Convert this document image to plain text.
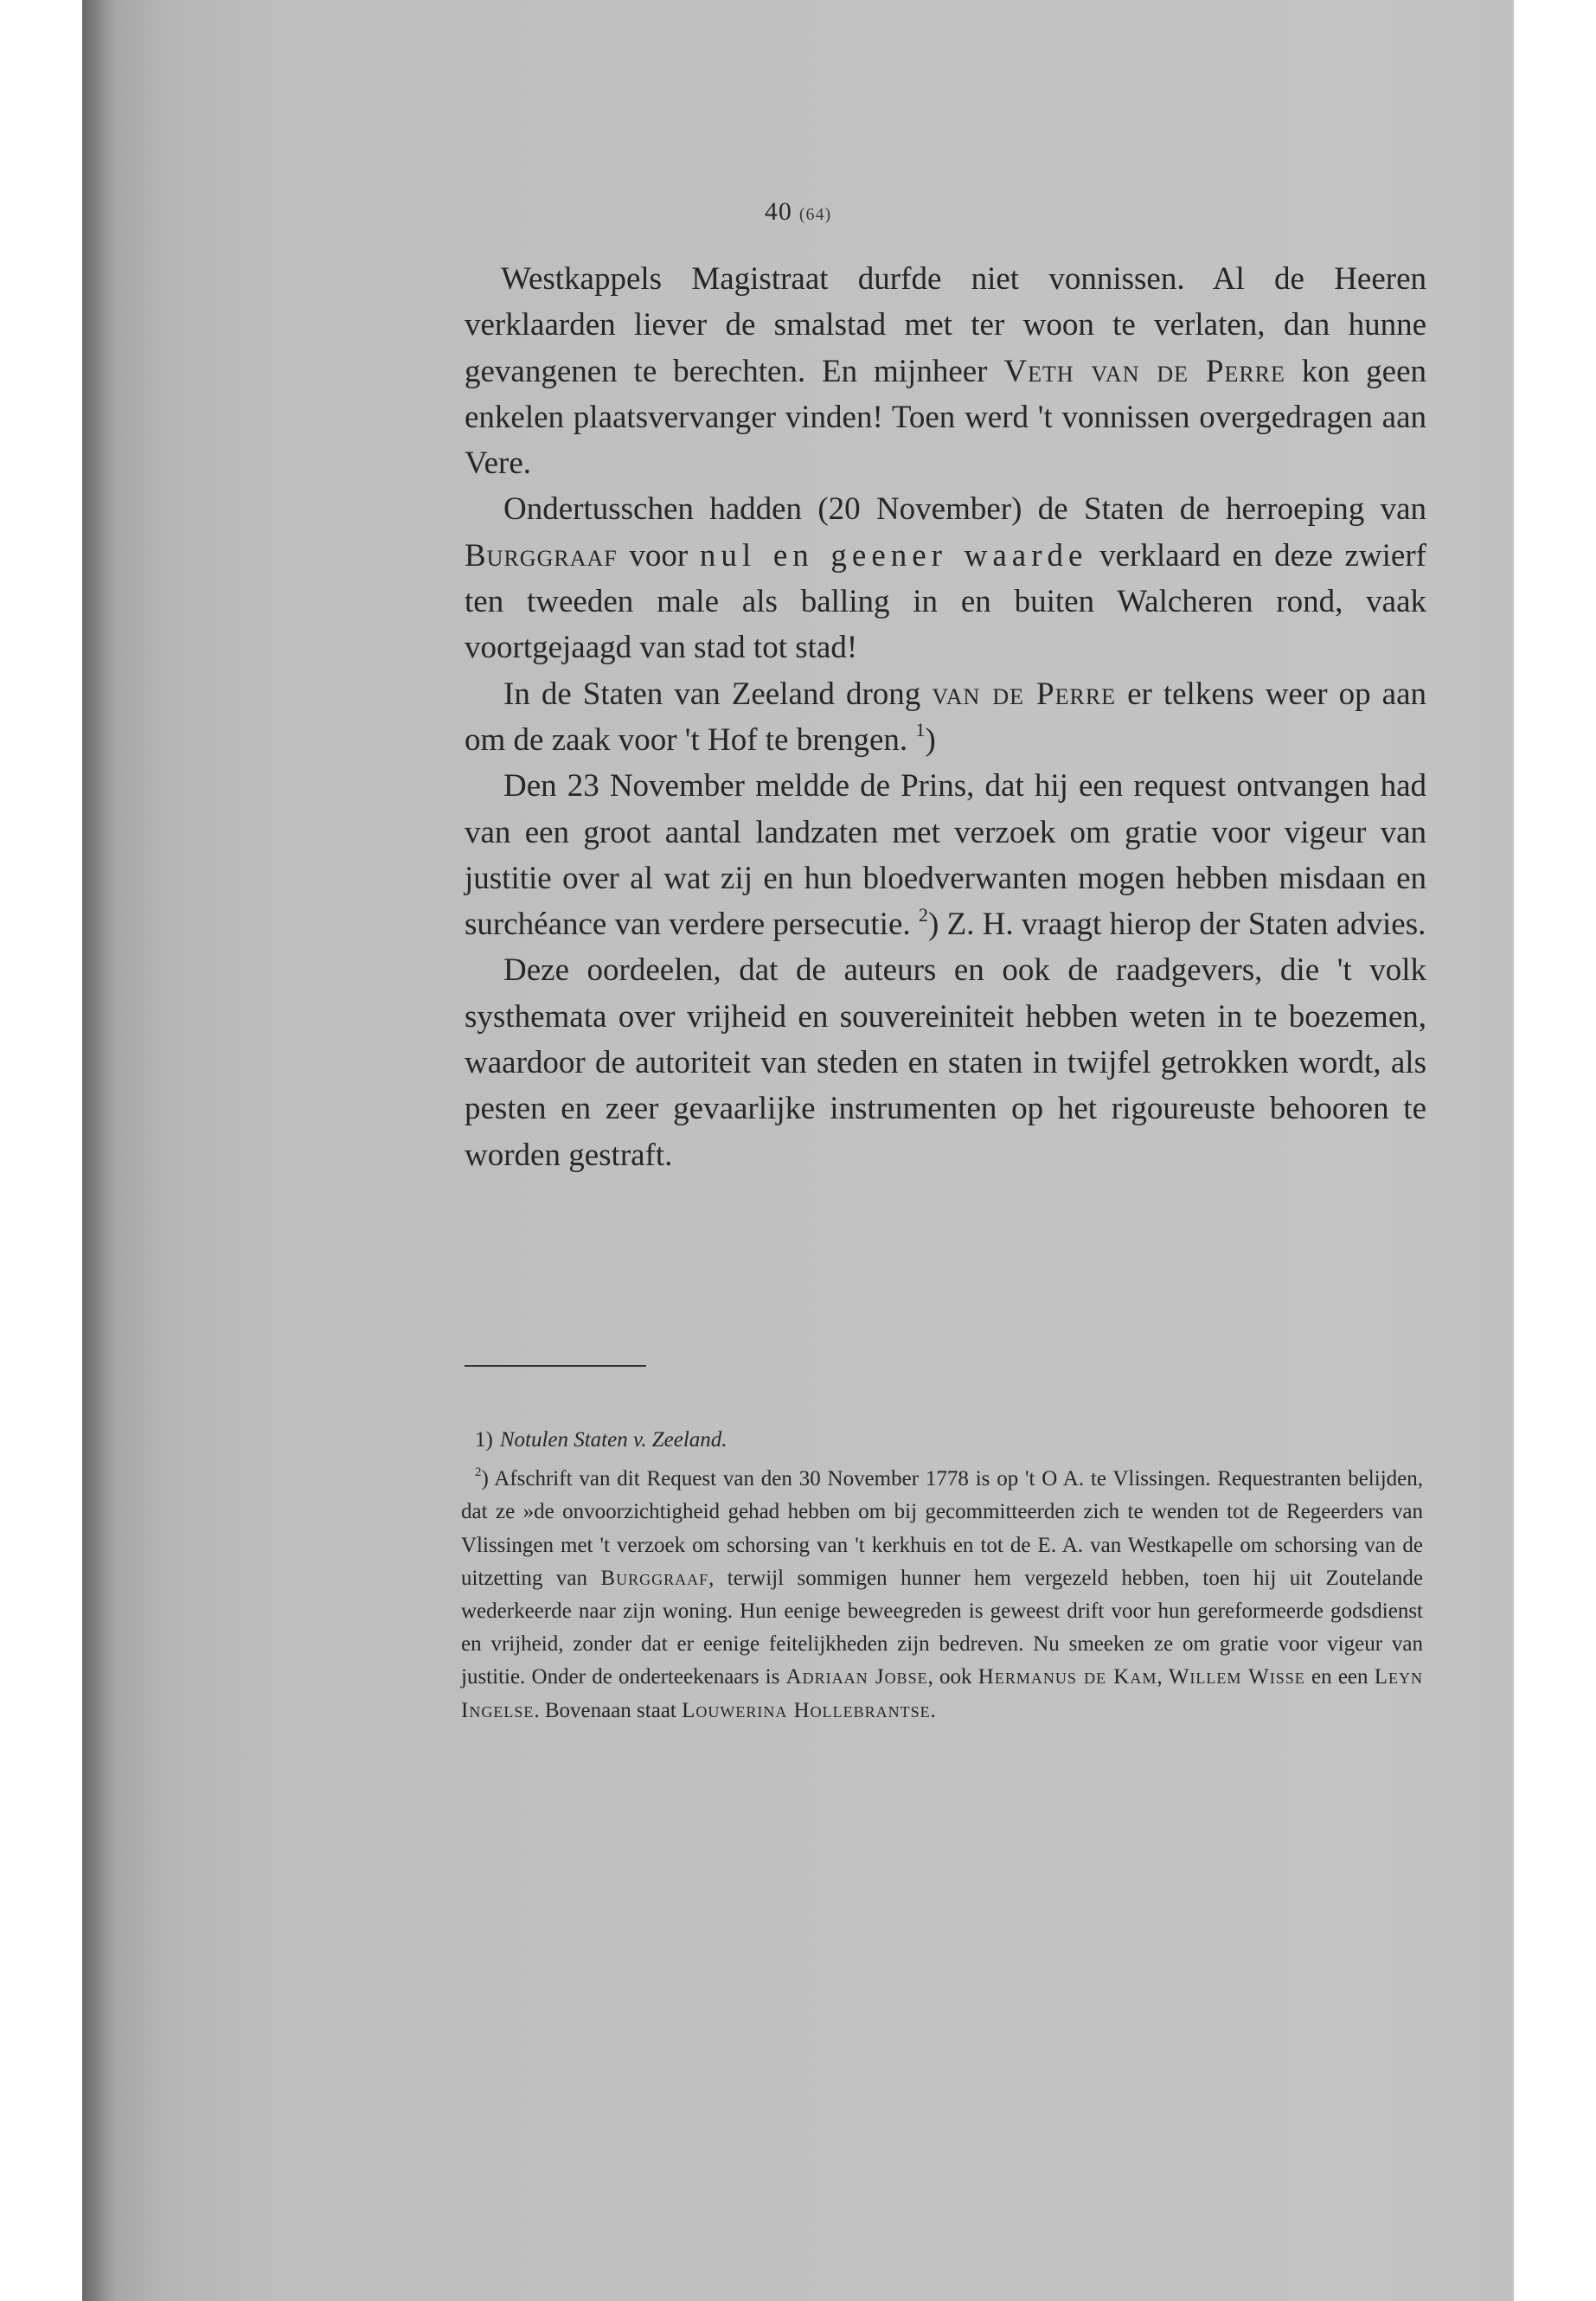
40 (64)

Westkappels Magistraat durfde niet vonnissen. Al de Heeren verklaarden liever de smalstad met ter woon te verlaten, dan hunne gevangenen te berechten. En mijnheer Veth van de Perre kon geen enkelen plaatsvervanger vinden! Toen werd 't vonnissen overgedragen aan Vere.

Ondertusschen hadden (20 November) de Staten de herroeping van Burggraaf voor nul en geener waarde verklaard en deze zwierf ten tweeden male als balling in en buiten Walcheren rond, vaak voortgejaagd van stad tot stad!

In de Staten van Zeeland drong van de Perre er telkens weer op aan om de zaak voor 't Hof te brengen. $^1$)

Den 23 November meldde de Prins, dat hij een request ontvangen had van een groot aantal landzaten met verzoek om gratie voor vigeur van justitie over al wat zij en hun bloedverwanten mogen hebben misdaan en surchéance van verdere persecutie. $^2$) Z. H. vraagt hierop der Staten advies.

Deze oordeelen, dat de auteurs en ook de raadgevers, die 't volk systhemata over vrijheid en souvereiniteit hebben weten in te boezemen, waardoor de autoriteit van steden en staten in twijfel getrokken wordt, als pesten en zeer gevaarlijke instrumenten op het rigoureuste behooren te worden gestraft.

1) Notulen Staten v. Zeeland.

$^2$) Afschrift van dit Request van den 30 November 1778 is op 't O A. te Vlissingen. Requestranten belijden, dat ze »de onvoorzichtigheid gehad hebben om bij gecommitteerden zich te wenden tot de Regeerders van Vlissingen met 't verzoek om schorsing van 't kerkhuis en tot de E. A. van Westkapelle om schorsing van de uitzetting van Burggraaf, terwijl sommigen hunner hem vergezeld hebben, toen hij uit Zoutelande wederkeerde naar zijn woning. Hun eenige beweegreden is geweest drift voor hun gereformeerde godsdienst en vrijheid, zonder dat er eenige feitelijkheden zijn bedreven. Nu smeeken ze om gratie voor vigeur van justitie. Onder de onderteekenaars is Adriaan Jobse, ook Hermanus de Kam, Willem Wisse en een Leyn Ingelse. Bovenaan staat Louwerina Hollebrantse.
